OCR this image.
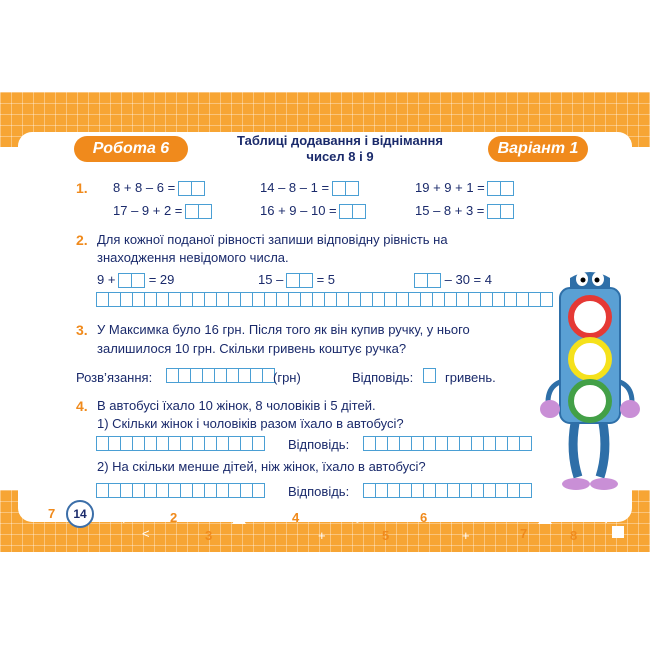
Робота 6	Таблиці додавання і віднімання
чисел 8 і 9	Варіант 1
1. 8 + 8 – 6 =	14 – 8 – 1 =	19 + 9 + 1 =
17 – 9 + 2 =	16 + 9 – 10 =	15 – 8 + 3 =
2. Для кожної поданої рівності запиши відповідну рівність на
знаходження невідомого числа.
9 +	= 29	15 –	= 5	– 30 = 4
3. У Максимка було 16 грн. Після того як він купив ручку, у нього
залишилося 10 грн. Скільки гривень коштує ручка?
Розв’язання:	(грн)	Відповідь: гривень.
4. В автобусі їхало 10 жінок, 8 чоловіків і 5 дітей.
1) Скільки жінок і чоловіків разом їхало в автобусі?
Відповідь:
2) На скільки менше дітей, ніж жінок, їхало в автобусі?
Відповідь:
14
7	+
<
2
3
4
+
>
5
6
+	7	8
<
